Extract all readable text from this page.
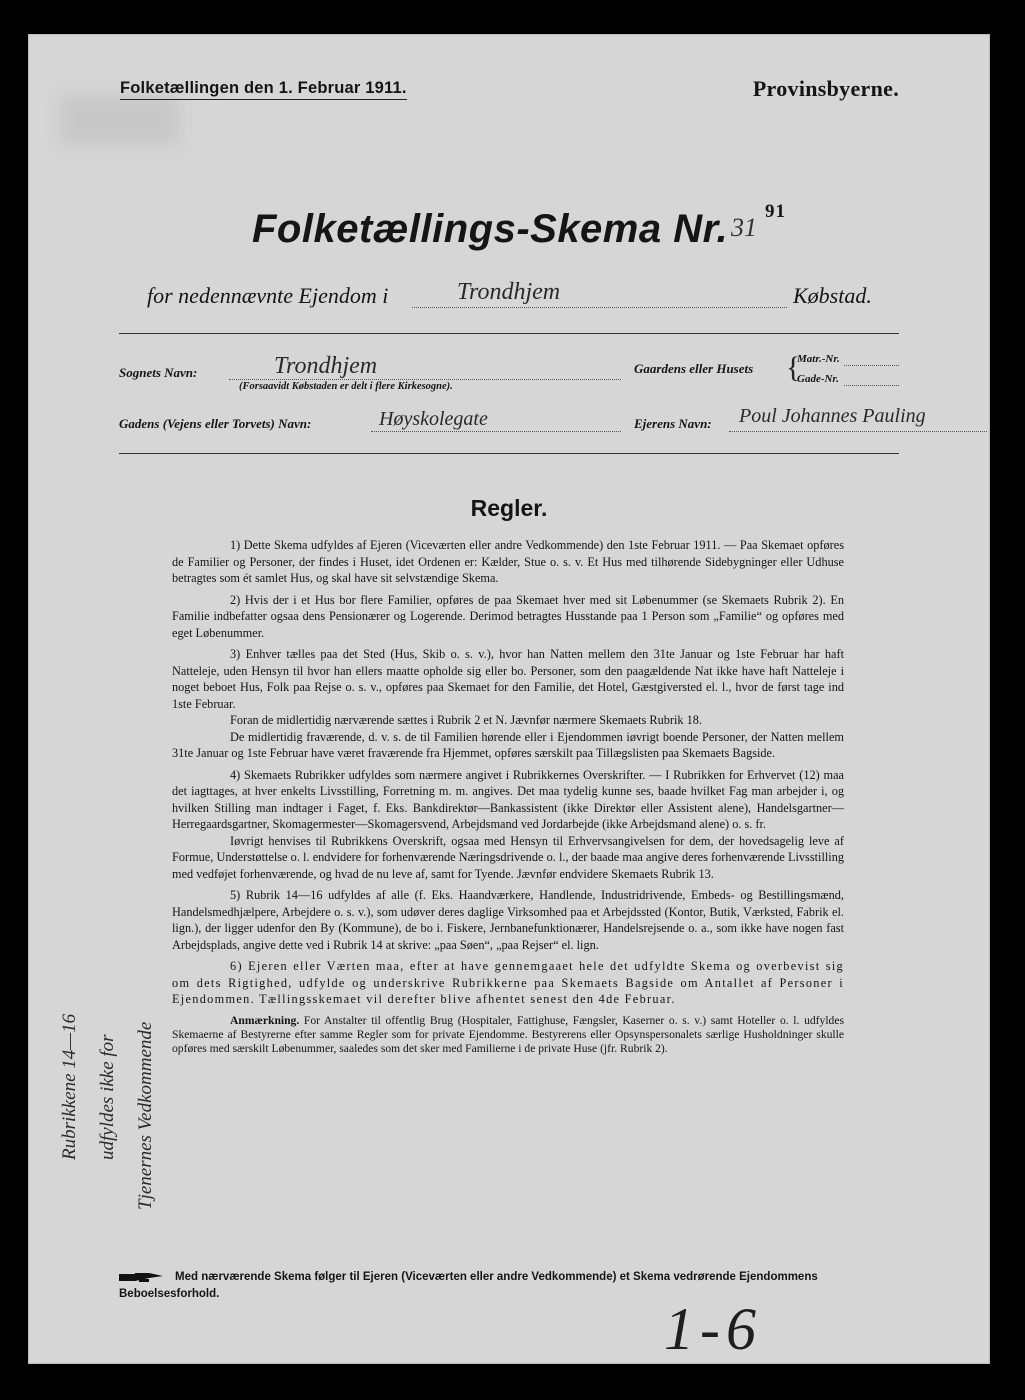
Folketællingen den 1. Februar 1911.	Provinsbyerne.
Folketællings-Skema Nr. 31
91
for nedennævnte Ejendom i	Trondhjem	Købstad.
Sognets Navn:	Trondhjem
(Forsaavidt Købstaden er delt i flere Kirkesogne).
Gaardens eller Husets {
Matr.-Nr.
Gade-Nr.
Gadens (Vejens eller Torvets) Navn:	Høyskolegate	Ejerens Navn: Poul Johannes Pauling
Regler.

1) Dette Skema udfyldes af Ejeren (Viceværten eller andre Vedkommende) den 1ste Februar 1911. — Paa Skemaet opføres de Familier og Personer, der findes i Huset, idet Ordenen er: Kælder, Stue o. s. v. Et Hus med tilhørende Sidebygninger eller Udhuse betragtes som ét samlet Hus, og skal have sit selvstændige Skema.

2) Hvis der i et Hus bor flere Familier, opføres de paa Skemaet hver med sit Løbenummer (se Skemaets Rubrik 2). En Familie indbefatter ogsaa dens Pensionærer og Logerende. Derimod betragtes Husstande paa 1 Person som „Familie“ og opføres med eget Løbenummer.

3) Enhver tælles paa det Sted (Hus, Skib o. s. v.), hvor han Natten mellem den 31te Januar og 1ste Februar har haft Natteleje, uden Hensyn til hvor han ellers maatte opholde sig eller bo. Personer, som den paagældende Nat ikke have haft Natteleje i noget beboet Hus, Folk paa Rejse o. s. v., opføres paa Skemaet for den Familie, det Hotel, Gæstgiversted el. l., hvor de først tage ind 1ste Februar.

Foran de midlertidig nærværende sættes i Rubrik 2 et N. Jævnfør nærmere Skemaets Rubrik 18.

De midlertidig fraværende, d. v. s. de til Familien hørende eller i Ejendommen iøvrigt boende Personer, der Natten mellem 31te Januar og 1ste Februar have været fraværende fra Hjemmet, opføres særskilt paa Tillægslisten paa Skemaets Bagside.

4) Skemaets Rubrikker udfyldes som nærmere angivet i Rubrikkernes Overskrifter. — I Rubrikken for Erhvervet (12) maa det iagttages, at hver enkelts Livsstilling, Forretning m. m. angives. Det maa tydelig kunne ses, baade hvilket Fag man arbejder i, og hvilken Stilling man indtager i Faget, f. Eks. Bankdirektør—Bankassistent (ikke Direktør eller Assistent alene), Handelsgartner—Herregaardsgartner, Skomagermester—Skomagersvend, Arbejdsmand ved Jordarbejde (ikke Arbejdsmand alene) o. s. fr.

Iøvrigt henvises til Rubrikkens Overskrift, ogsaa med Hensyn til Erhvervsangivelsen for dem, der hovedsagelig leve af Formue, Understøttelse o. l. endvidere for forhenværende Næringsdrivende o. l., der baade maa angive deres forhenværende Livsstilling med vedføjet forhenværende, og hvad de nu leve af, samt for Tyende. Jævnfør endvidere Skemaets Rubrik 13.

5) Rubrik 14—16 udfyldes af alle (f. Eks. Haandværkere, Handlende, Industridrivende, Embeds- og Bestillingsmænd, Handelsmedhjælpere, Arbejdere o. s. v.), som udøver deres daglige Virksomhed paa et Arbejdssted (Kontor, Butik, Værksted, Fabrik el. lign.), der ligger udenfor den By (Kommune), de bo i. Fiskere, Jernbanefunktionærer, Handelsrejsende o. a., som ikke have nogen fast Arbejdsplads, angive dette ved i Rubrik 14 at skrive: „paa Søen“, „paa Rejser“ el. lign.

6) Ejeren eller Værten maa, efter at have gennemgaaet hele det udfyldte Skema og overbevist sig om dets Rigtighed, udfylde og underskrive Rubrikkerne paa Skemaets Bagside om Antallet af Personer i Ejendommen. Tællingsskemaet vil derefter blive afhentet senest den 4de Februar.

Anmærkning. For Anstalter til offentlig Brug (Hospitaler, Fattighuse, Fængsler, Kaserner o. s. v.) samt Hoteller o. l. udfyldes Skemaerne af Bestyrerne efter samme Regler som for private Ejendomme. Bestyrerens eller Opsynspersonalets særlige Husholdninger skulle opføres med særskilt Løbenummer, saaledes som det sker med Familierne i de private Huse (jfr. Rubrik 2).

Rubrikkene 14—16 udfyldes ikke for Tjenernes Vedkommende
Med nærværende Skema følger til Ejeren (Viceværten eller andre Vedkommende) et Skema vedrørende Ejendommens Beboelsesforhold.
1-6
